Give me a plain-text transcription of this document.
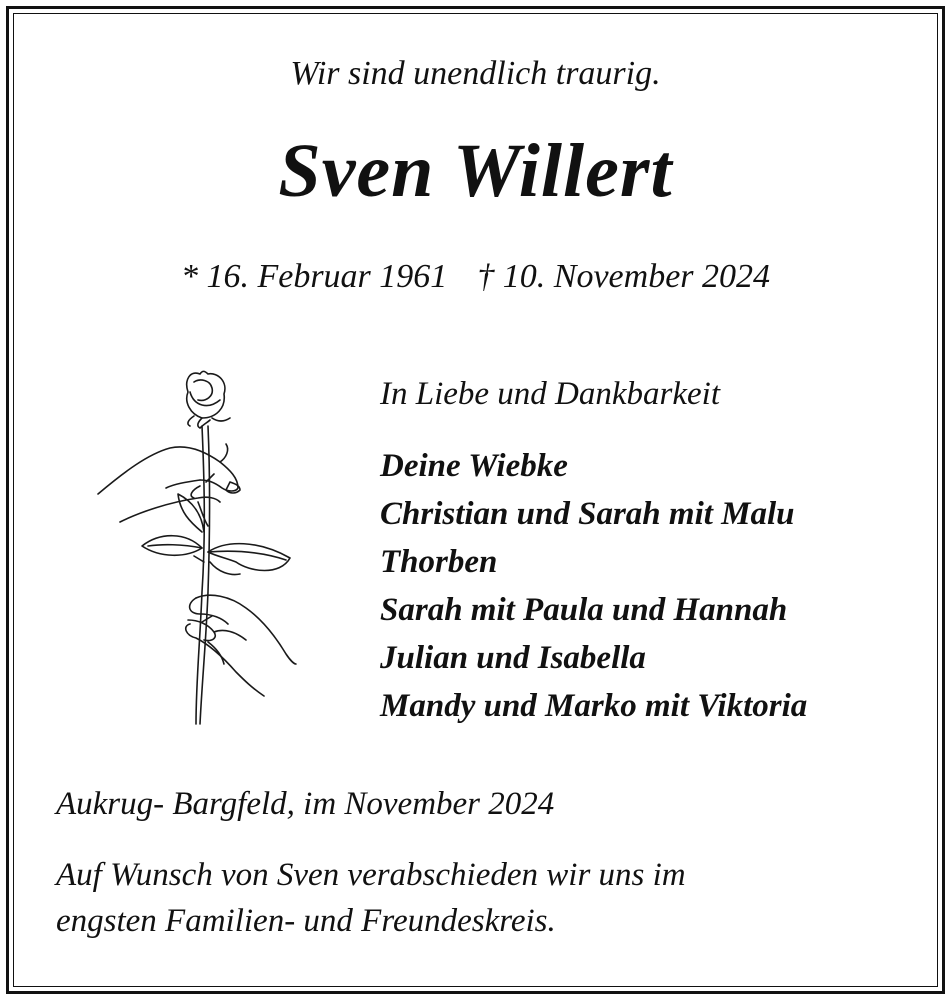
Wir sind unendlich traurig.

Sven Willert

* 16. Februar 1961 † 10. November 2024

In Liebe und Dankbarkeit

Deine Wiebke
Christian und Sarah mit Malu
Thorben
Sarah mit Paula und Hannah
Julian und Isabella
Mandy und Marko mit Viktoria

Aukrug- Bargfeld, im November 2024

Auf Wunsch von Sven verabschieden wir uns im
engsten Familien- und Freundeskreis.
